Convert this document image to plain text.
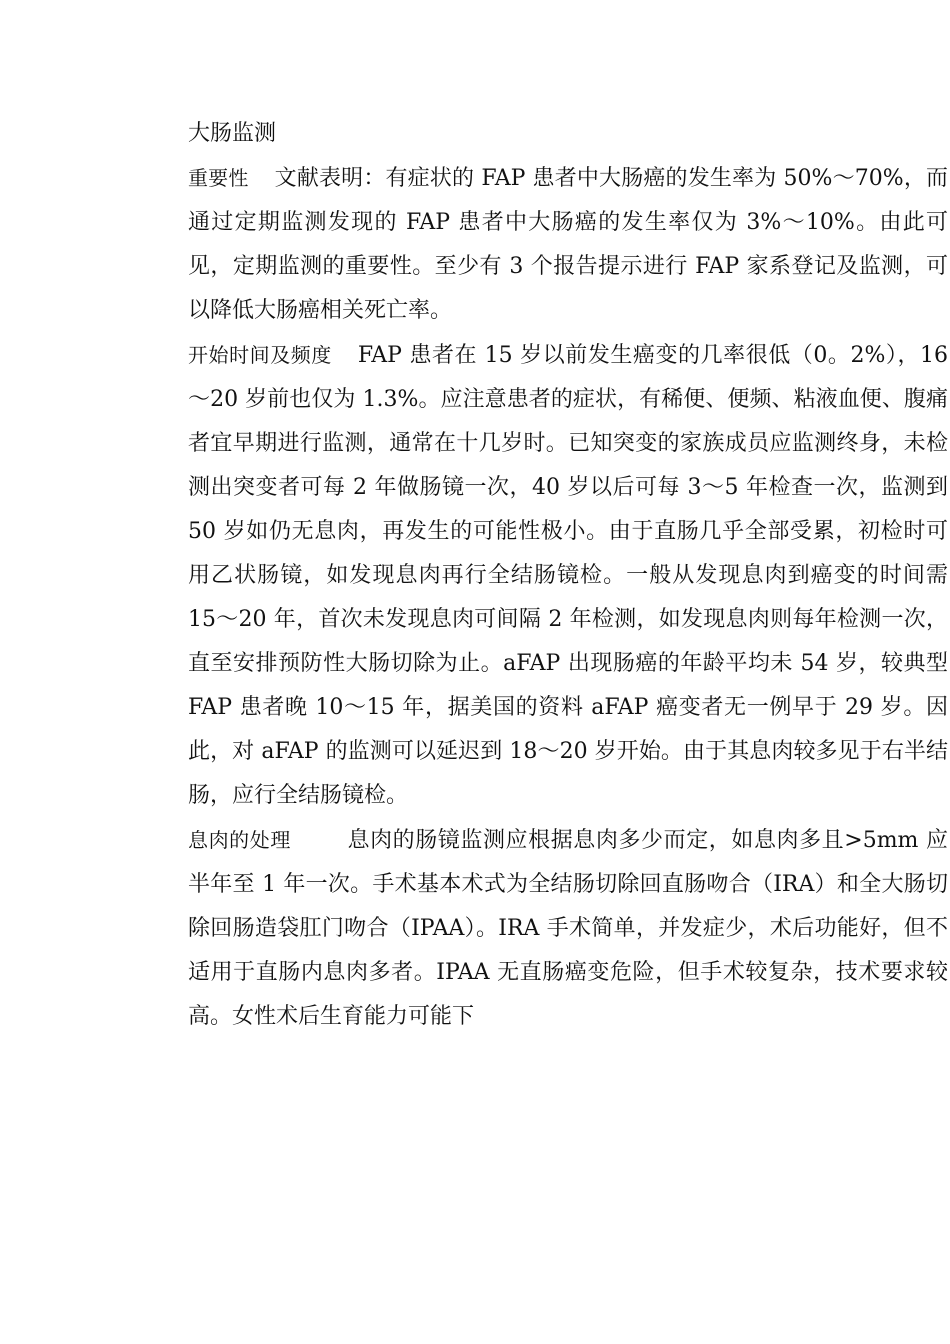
大肠监测

重要性 文献表明：有症状的 FAP 患者中大肠癌的发生率为 50%～70%，而通过定期监测发现的 FAP 患者中大肠癌的发生率仅为 3%～10%。由此可见，定期监测的重要性。至少有 3 个报告提示进行 FAP 家系登记及监测，可以降低大肠癌相关死亡率。

开始时间及频度 FAP 患者在 15 岁以前发生癌变的几率很低（0。2%），16～20 岁前也仅为 1.3%。应注意患者的症状，有稀便、便频、粘液血便、腹痛者宜早期进行监测，通常在十几岁时。已知突变的家族成员应监测终身，未检测出突变者可每 2 年做肠镜一次，40 岁以后可每 3～5 年检查一次，监测到 50 岁如仍无息肉，再发生的可能性极小。由于直肠几乎全部受累，初检时可用乙状肠镜，如发现息肉再行全结肠镜检。一般从发现息肉到癌变的时间需 15～20 年，首次未发现息肉可间隔 2 年检测，如发现息肉则每年检测一次，直至安排预防性大肠切除为止。aFAP 出现肠癌的年龄平均未 54 岁，较典型 FAP 患者晚 10～15 年，据美国的资料 aFAP 癌变者无一例早于 29 岁。因此，对 aFAP 的监测可以延迟到 18～20 岁开始。由于其息肉较多见于右半结肠，应行全结肠镜检。

息肉的处理	息肉的肠镜监测应根据息肉多少而定，如息肉多且>5mm 应半年至 1 年一次。手术基本术式为全结肠切除回直肠吻合（IRA）和全大肠切除回肠造袋肛门吻合（IPAA）。IRA 手术简单，并发症少，术后功能好，但不适用于直肠内息肉多者。IPAA 无直肠癌变危险，但手术较复杂，技术要求较高。女性术后生育能力可能下
